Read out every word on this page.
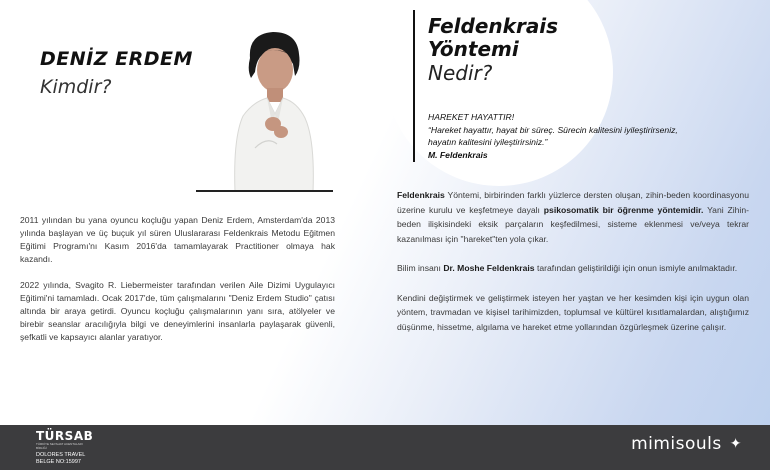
DENİZ ERDEM
Kimdir?

2011 yılından bu yana oyuncu koçluğu yapan Deniz Erdem, Amsterdam'da 2013 yılında başlayan ve üç buçuk yıl süren Uluslararası Feldenkrais Metodu Eğitmen Eğitimi Programı'nı Kasım 2016'da tamamlayarak Practitioner olmaya hak kazandı.

2022 yılında, Svagito R. Liebermeister tarafından verilen Aile Dizimi Uygulayıcı Eğitimi'ni tamamladı. Ocak 2017'de, tüm çalışmalarını "Deniz Erdem Studio" çatısı altında bir araya getirdi. Oyuncu koçluğu çalışmalarının yanı sıra, atölyeler ve birebir seanslar aracılığıyla bilgi ve deneyimlerini insanlarla paylaşarak güvenli, şefkatli ve kapsayıcı alanlar yaratıyor.

Feldenkrais
Yöntemi
Nedir?
HAREKET HAYATTIR!
“Hareket hayattır, hayat bir süreç. Sürecin kalitesini iyileştirirseniz, hayatın kalitesini iyileştirirsiniz.”
M. Feldenkrais

Feldenkrais Yöntemi, birbirinden farklı yüzlerce dersten oluşan, zihin-beden koordinasyonu üzerine kurulu ve keşfetmeye dayalı psikosomatik bir öğrenme yöntemidir. Yani Zihin-beden ilişkisindeki eksik parçaların keşfedilmesi, sisteme eklenmesi ve/veya tekrar kazanılması için "hareket"ten yola çıkar.

Bilim insanı Dr. Moshe Feldenkrais tarafından geliştirildiği için onun ismiyle anılmaktadır.

Kendini değiştirmek ve geliştirmek isteyen her yaştan ve her kesimden kişi için uygun olan yöntem, travmadan ve kişisel tarihimizden, toplumsal ve kültürel kısıtlamalardan, alıştığımız düşünme, hissetme, algılama ve hareket etme yollarından özgürleşmek üzerine çalışır.

TÜRSAB
TÜRKİYE SEYAHAT ACENTALARI BİRLİĞİ
DOLORES TRAVEL
BELGE NO:15997
mimisouls ✦
